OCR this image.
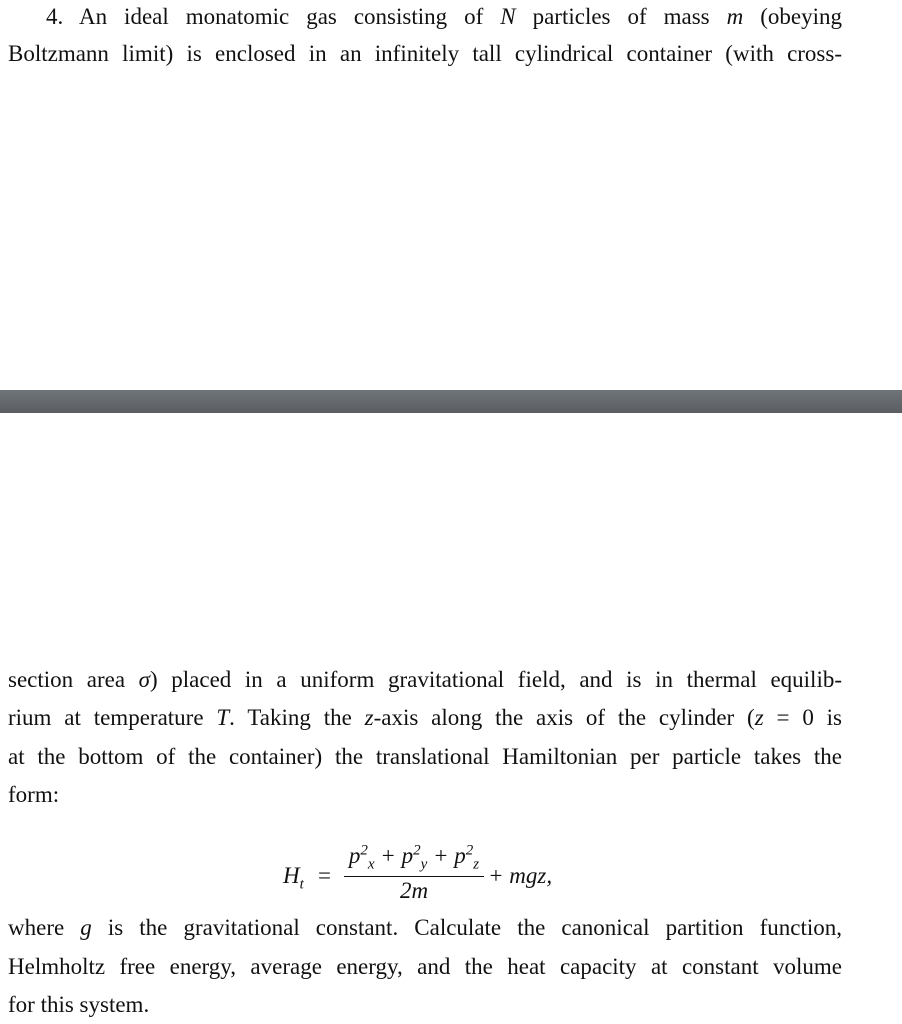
4. An ideal monatomic gas consisting of N particles of mass m (obeying
Boltzmann limit) is enclosed in an infinitely tall cylindrical container (with cross-
section area σ) placed in a uniform gravitational field, and is in thermal equilib-
rium at temperature T. Taking the z-axis along the axis of the cylinder (z = 0 is
at the bottom of the container) the translational Hamiltonian per particle takes the
form:
$H_t$ =
$p^2_x + p^2_y + p^2_z$
2m
+ mgz,
where g is the gravitational constant. Calculate the canonical partition function,
Helmholtz free energy, average energy, and the heat capacity at constant volume
for this system.
